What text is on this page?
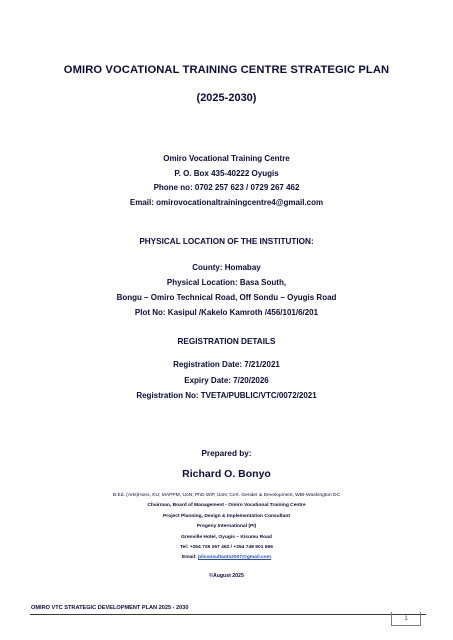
OMIRO VOCATIONAL TRAINING CENTRE STRATEGIC PLAN
(2025-2030)
Omiro Vocational Training Centre
P. O. Box 435-40222 Oyugis
Phone no: 0702 257 623 / 0729 267 462
Email: omirovocationaltrainingcentre4@gmail.com
PHYSICAL LOCATION OF THE INSTITUTION:
County: Homabay
Physical Location: Basa South,
Bongu – Omiro Technical Road, Off Sondu – Oyugis Road
Plot No: Kasipul /Kakelo Kamroth /456/101/6/201
REGISTRATION DETAILS
Registration Date: 7/21/2021
Expiry Date: 7/20/2026
Registration No: TVETA/PUBLIC/VTC/0072/2021
Prepared by:
Richard O. Bonyo
B.Ed. (Arts)Hons, KU; MAPPM, UoN; PhD WiP, UoN; Cert. Gender & Development, WBI-Washington DC
Chairman, Board of Management - Omiro Vocational Training Centre
Project Planning, Design & Implementation Consultant
Progeny International (PI)
Grenville Hotel, Oyugis – Kisumu Road
Tel: +254 729 267 462 / +254 748 901 556
Email: pilconsultants2007@gmail.com
©August 2025
OMIRO VTC STRATEGIC DEVELOPMENT PLAN 2025 - 2030
1
